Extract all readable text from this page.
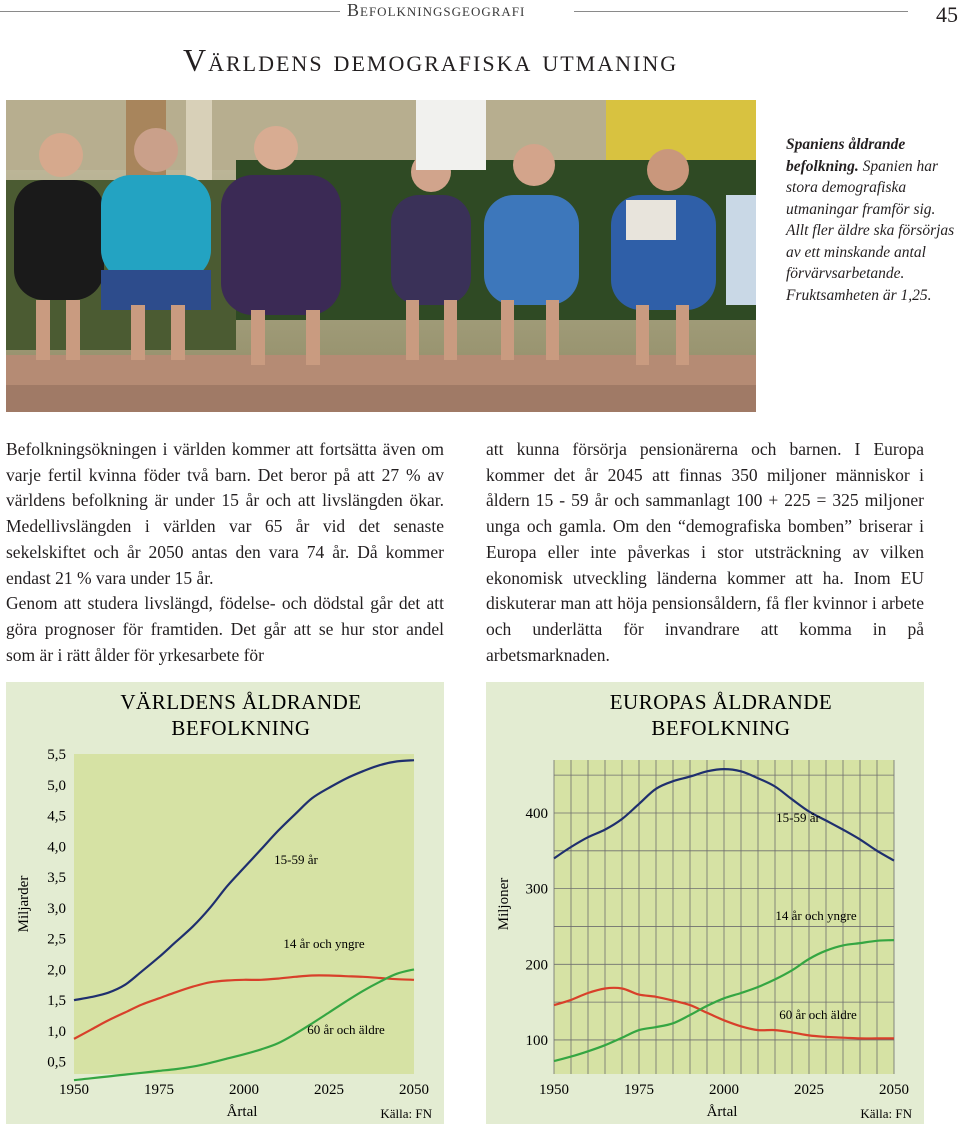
Befolkningsgeografi	45
Världens demografiska utmaning
Spaniens åldrande befolkning. Spanien har stora demografiska utmaningar framför sig. Allt fler äldre ska försörjas av ett minskande antal förvärvsarbetande. Fruktsamheten är 1,25.

Befolkningsökningen i världen kommer att fortsätta även om varje fertil kvinna föder två barn. Det beror på att 27 % av världens befolkning är under 15 år och att livslängden ökar. Medellivslängden i världen var 65 år vid det senaste sekelskiftet och år 2050 antas den vara 74 år. Då kommer endast 21 % vara under 15 år.

Genom att studera livslängd, födelse- och dödstal går det att göra prognoser för framtiden. Det går att se hur stor andel som är i rätt ålder för yrkesarbete för

att kunna försörja pensionärerna och barnen. I Europa kommer det år 2045 att finnas 350 miljoner människor i åldern 15 - 59 år och sammanlagt 100 + 225 = 325 miljoner unga och gamla. Om den “demografiska bomben” briserar i Europa eller inte påverkas i stor utsträckning av vilken ekonomisk utveckling länderna kommer att ha. Inom EU diskuterar man att höja pensionsåldern, få fler kvinnor i arbete och underlätta för invandrare att komma in på arbetsmarknaden.

VÄRLDENS ÅLDRANDE
BEFOLKNING
0,5
1,0
1,5
2,0
2,5
3,0
3,5
4,0
4,5
5,0
5,5
1950	1975	2000	2025	2050
15-59 år
14 år och yngre
60 år och äldre
Miljarder
Årtal	Källa: FN
EUROPAS ÅLDRANDE
BEFOLKNING
100
200
300
400
1950	1975	2000	2025	2050
15-59 år
14 år och yngre
60 år och äldre
Miljoner
Årtal	Källa: FN
